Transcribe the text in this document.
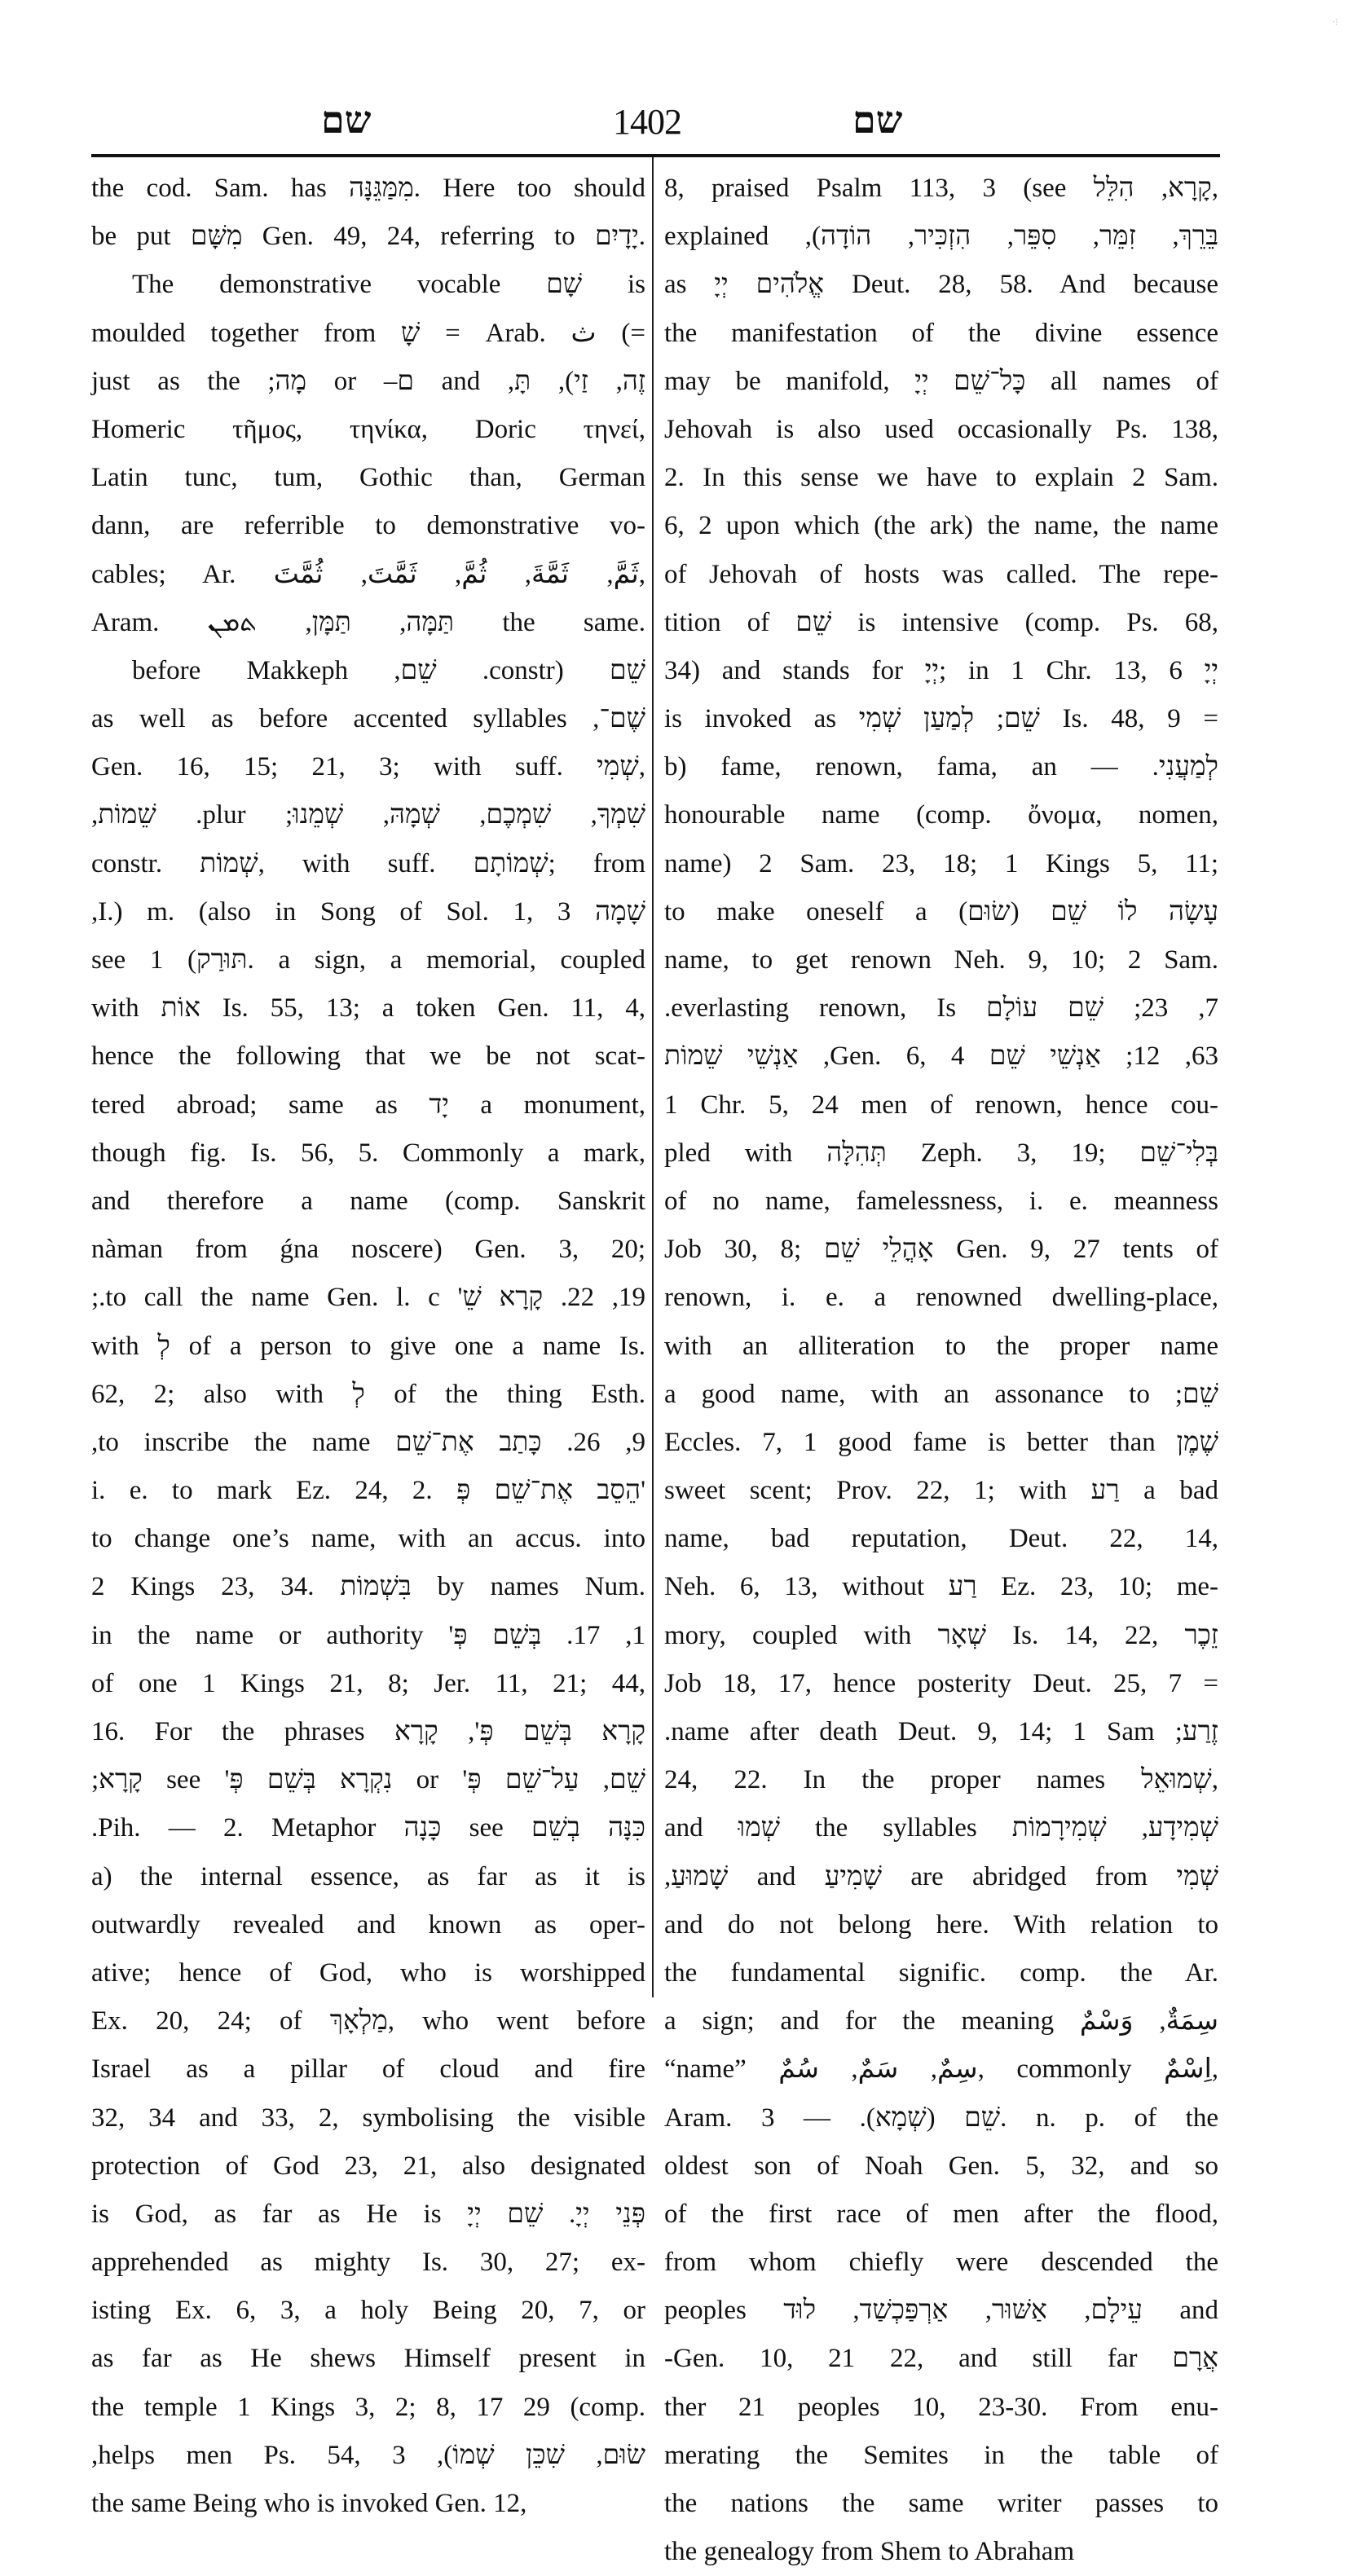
·:·
שם	1402	שם
the cod. Sam. has מִמַּגֵּנָּה. Here too should
be put מִשָּׁם Gen. 49, 24, referring to יָדָיִם.
The demonstrative vocable שָׁם is
moulded together from שָׁ = Arab. ث (=
זֶה, זַי), תָּ, and ם– or מָה; just as the
Homeric τῆμος, τηνίκα, Doric τηνεί,
Latin tunc, tum, Gothic than, German
dann, are referrible to demonstrative vo-
cables; Ar. ثَمَّ, ثَمَّةَ, ثُمَّ, ثَمَّتَ, ثُمَّتَ,
Aram. תַּמָּה, תַּמָּן, ܬܡܢ the same.
שֵׁם (constr. שֵׁם, before Makkeph
שֶׁם־, as well as before accented syllables
Gen. 16, 15; 21, 3; with suff. שְׁמִי,
שִׁמְךָ, שִׁמְכֶם, שְׁמָהּ, שְׁמֵנוּ; plur. שֵׁמוֹת,
constr. שְׁמוֹת, with suff. שְׁמוֹתָם; from
שָׁמָה I.) m. (also in Song of Sol. 1, 3,
see תּוּרַק) 1. a sign, a memorial, coupled
with אוֹת Is. 55, 13; a token Gen. 11, 4,
hence the following that we be not scat-
tered abroad; same as יָד a monument,
though fig. Is. 56, 5. Commonly a mark,
and therefore a name (comp. Sanskrit
nàman from ǵna noscere) Gen. 3, 20;
19, 22. קָרָא שֵׁ' to call the name Gen. l. c.;
with לְ of a person to give one a name Is.
62, 2; also with לְ of the thing Esth.
9, 26. כָּתַב אֶת־שֵׁם to inscribe the name,
i. e. to mark Ez. 24, 2. הֵסֵב אֶת־שֵׁם פְּ'
to change one’s name, with an accus. into
2 Kings 23, 34. בִּשְׁמוֹת by names Num.
1, 17. בְּשֵׁם פְּ' in the name or authority
of one 1 Kings 21, 8; Jer. 11, 21; 44,
16. For the phrases קָרָא בְּשֵׁם פְּ', קָרָא
שֵׁם, עַל־שֵׁם פְּ' or נִקְרָא בְּשֵׁם פְּ' see קָרָא;
כִּנָּה בְשֵׁם see כָּנָה Pih. — 2. Metaphor.
a) the internal essence, as far as it is
outwardly revealed and known as oper-
ative; hence of God, who is worshipped
Ex. 20, 24; of מַלְאָךְ, who went before
Israel as a pillar of cloud and fire
32, 34 and 33, 2, symbolising the visible
protection of God 23, 21, also designated
פְּנֵי יְיָ. שֵׁם יְיָ is God, as far as He is
apprehended as mighty Is. 30, 27; ex-
isting Ex. 6, 3, a holy Being 20, 7, or
as far as He shews Himself present in
the temple 1 Kings 3, 2; 8, 17 29 (comp.
שׂוּם, שִׁכֵּן שְׁמוֹ), helps men Ps. 54, 3,
the same Being who is invoked Gen. 12,
8, praised Psalm 113, 3 (see קָרָא, הִלֵּל,
בֵּרֵךְ, זִמֵּר, סִפֵּר, הִזְכִּיר, הוֹדָה), explained
as אֱלֹהִים יְיָ Deut. 28, 58. And because
the manifestation of the divine essence
may be manifold, כָּל־שֵׁם יְיָ all names of
Jehovah is also used occasionally Ps. 138,
2. In this sense we have to explain 2 Sam.
6, 2 upon which (the ark) the name, the name
of Jehovah of hosts was called. The repe-
tition of שֵׁם is intensive (comp. Ps. 68,
34) and stands for יְיָ; in 1 Chr. 13, 6 יְיָ
is invoked as שֵׁם; לְמַעַן שְׁמִי Is. 48, 9 =
לְמַעֲנִי. — b) fame, renown, fama, an
honourable name (comp. ὄνομα, nomen,
name) 2 Sam. 23, 18; 1 Kings 5, 11;
עָשָׂה לוֹ שֵׁם (שׂוּם) to make oneself a
name, to get renown Neh. 9, 10; 2 Sam.
7, 23; שֵׁם עוֹלָם everlasting renown, Is.
63, 12; אַנְשֵׁי שֵׁם Gen. 6, 4, אַנְשֵׁי שֵׁמוֹת
1 Chr. 5, 24 men of renown, hence cou-
pled with תְּהִלָּה Zeph. 3, 19; בְּלִי־שֵׁם
of no name, famelessness, i. e. meanness
Job 30, 8; אָהֳלֵי שֵׁם Gen. 9, 27 tents of
renown, i. e. a renowned dwelling-place,
with an alliteration to the proper name
שֵׁם; a good name, with an assonance to
שֶׁמֶן Eccles. 7, 1 good fame is better than
sweet scent; Prov. 22, 1; with רַע a bad
name, bad reputation, Deut. 22, 14,
Neh. 6, 13, without רַע Ez. 23, 10; me-
mory, coupled with שְׁאָר Is. 14, 22, זֵכֶר
Job 18, 17, hence posterity Deut. 25, 7 =
זֶרַע; name after death Deut. 9, 14; 1 Sam.
24, 22. In the proper names שְׁמוּאֵל,
שְׁמִידָע, שְׁמִירָמוֹת the syllables שְׁמוּ and
שְׁמִי are abridged from שָׁמִיעַ and שָׁמוּעַ,
and do not belong here. With relation to
the fundamental signific. comp. the Ar.
سِمَةٌ, وَسْمٌ a sign; and for the meaning
“name” سِمٌ, سَمٌ, سُمٌ, commonly اِسْمٌ,
Aram. שֵׁם (שְׁמָא). — 3. n. p. of the
oldest son of Noah Gen. 5, 32, and so
of the first race of men after the flood,
from whom chiefly were descended the
peoples עֵילָם, אַשּׁוּר, אַרְפַּכְשַׁד, לוּד and
אֲרָם Gen. 10, 21 22, and still far-
ther 21 peoples 10, 23-30. From enu-
merating the Semites in the table of
the nations the same writer passes to
the genealogy from Shem to Abraham
